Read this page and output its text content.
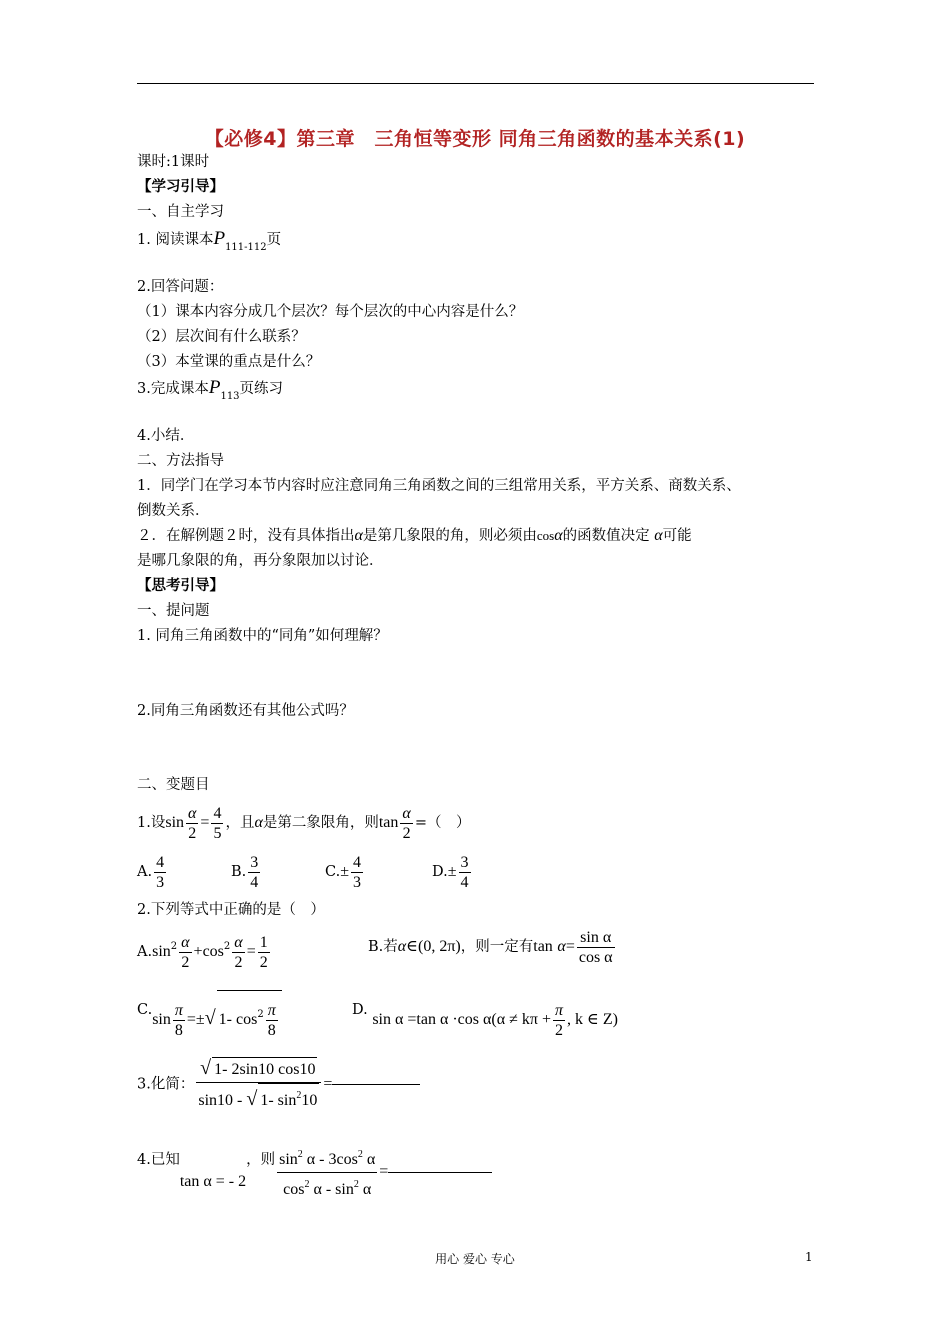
【必修4】第三章　三角恒等变形 同角三角函数的基本关系(1)
课时:1课时
【学习引导】
一、自主学习
1. 阅读课本$P_{111-112}$页
2.回答问题：
（1）课本内容分成几个层次？每个层次的中心内容是什么？
（2）层次间有什么联系？
（3）本堂课的重点是什么？
3.完成课本$P_{113}$页练习
4.小结．
二、方法指导
1．同学门在学习本节内容时应注意同角三角函数之间的三组常用关系，平方关系、商数关系、
倒数关系．
２．在解例题２时，没有具体指出α是第几象限的角，则必须由cosα的函数值决定 α可能
是哪几象限的角，再分象限加以讨论．
【思考引导】
一、提问题
1. 同角三角函数中的“同角”如何理解？
2.同角三角函数还有其他公式吗？
二、变题目
1.设$\sin \frac{\alpha}{2} = \frac{4}{5}$ ，且α是第二象限角，则$\tan \frac{\alpha}{2}$ =（　）
A. $\frac{4}{3}$	B. $\frac{3}{4}$	$C.\pm \frac{4}{3}$	$D.\pm \frac{3}{4}$
2.下列等式中正确的是（　）
$A.\sin^2 \frac{\alpha}{2} +\cos^2 \frac{\alpha}{2} = \frac{1}{2}$	B.若α∈(0, 2π)，则一定有$\tan \alpha= \frac{\text{sin α}}{\text{cos α}}$
$C.\sin \frac{\pi}{8}$ =±√ 1- $\cos^2 \frac{\pi}{8}$	D. sin α =tan α ·cos $\alpha(\alpha \ne k\pi + \frac{\pi}{2}$ , k ∈ Z)
3.化简： $\frac{√ 1- 2\sin 10 \cos 10}{\sin 10 - √ 1- \sin^210}$ =
4.已知tan α = - 2，则 $\frac{\sin^2 \alpha - 3\cos^2 \alpha}{\cos^2 \alpha - \sin^2 \alpha}$ =
用心 爱心 专心	1
